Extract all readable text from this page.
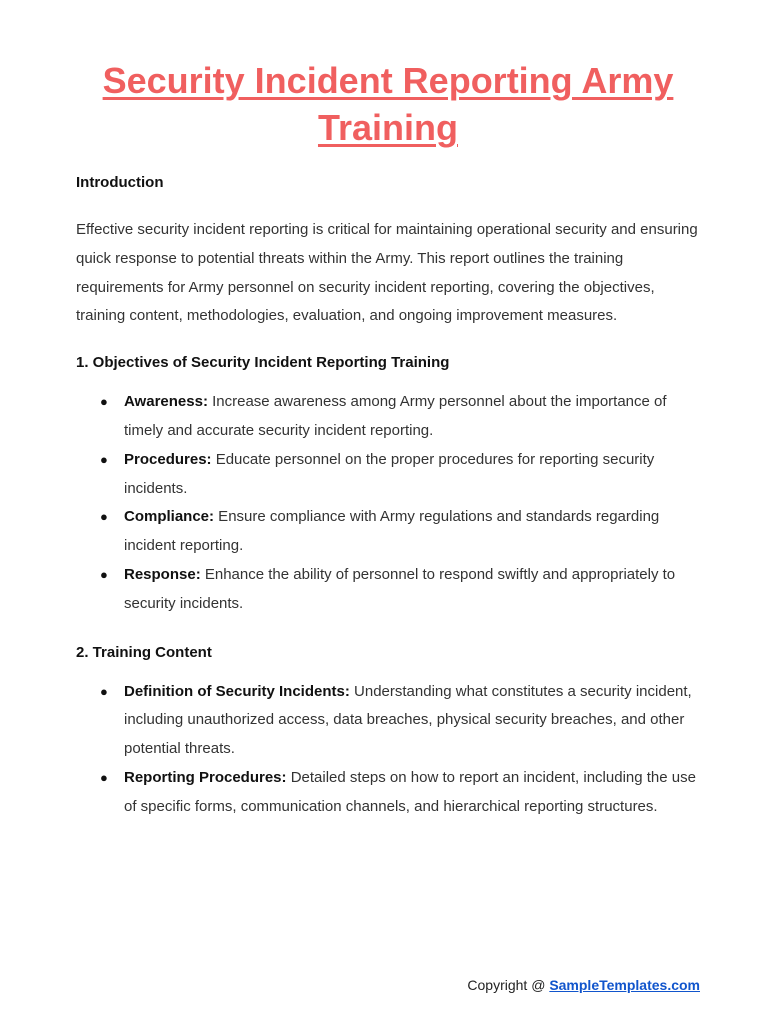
Security Incident Reporting Army Training

Introduction

Effective security incident reporting is critical for maintaining operational security and ensuring quick response to potential threats within the Army. This report outlines the training requirements for Army personnel on security incident reporting, covering the objectives, training content, methodologies, evaluation, and ongoing improvement measures.

1. Objectives of Security Incident Reporting Training

● Awareness: Increase awareness among Army personnel about the importance of timely and accurate security incident reporting.
● Procedures: Educate personnel on the proper procedures for reporting security incidents.
● Compliance: Ensure compliance with Army regulations and standards regarding incident reporting.
● Response: Enhance the ability of personnel to respond swiftly and appropriately to security incidents.

2. Training Content

● Definition of Security Incidents: Understanding what constitutes a security incident, including unauthorized access, data breaches, physical security breaches, and other potential threats.
● Reporting Procedures: Detailed steps on how to report an incident, including the use of specific forms, communication channels, and hierarchical reporting structures.
Copyright @ SampleTemplates.com
